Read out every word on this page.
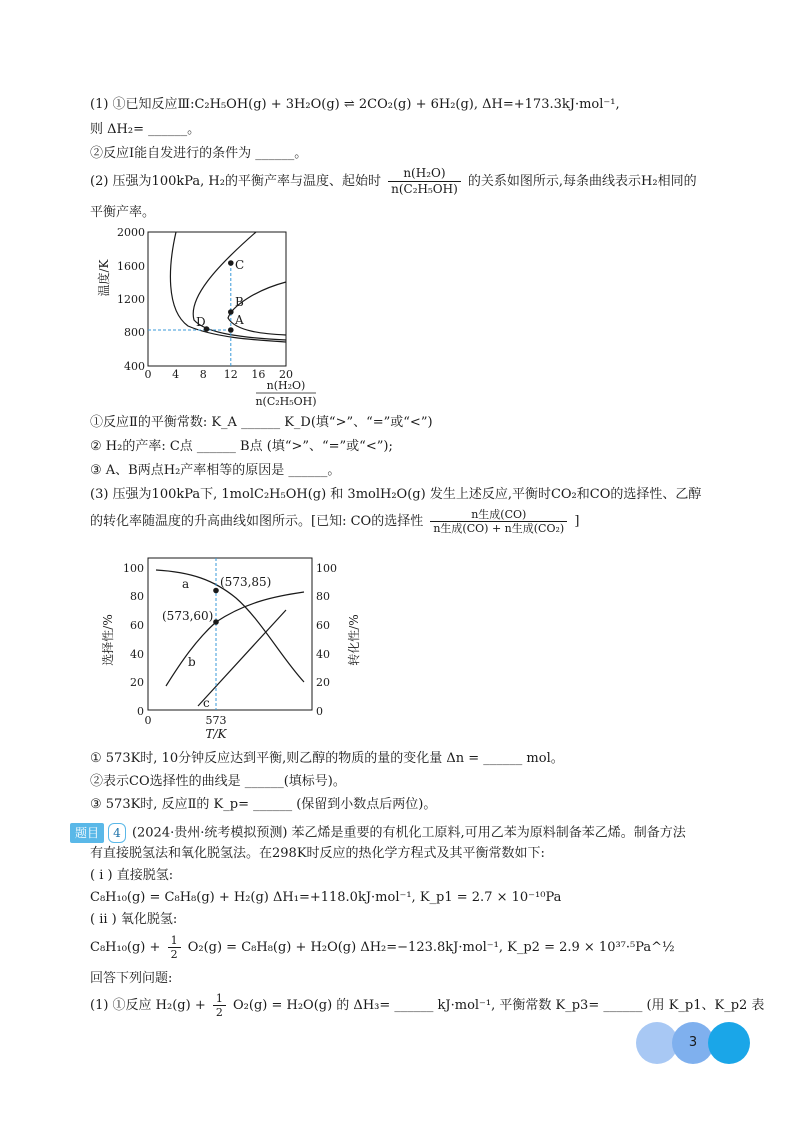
(1) ①已知反应Ⅲ:C₂H₅OH(g) + 3H₂O(g) ⇌ 2CO₂(g) + 6H₂(g), ΔH=+173.3kJ·mol⁻¹,
则 ΔH₂= ______。
②反应Ⅰ能自发进行的条件为 ______。
(2) 压强为100kPa, H₂的平衡产率与温度、起始时 $\frac{\text{n(H₂O)}}{\text{n(C₂H₅OH)}}$ 的关系如图所示,每条曲线表示H₂相同的
平衡产率。
温度/K
2000
1600
1200
800
400
0 4 8 12 16 20
A
B
C
D
n(H₂O)
n(C₂H₅OH)
①反应Ⅱ的平衡常数: K_A ______ K_D(填“>”、“=”或“<”)
② H₂的产率: C点 ______ B点 (填“>”、“=”或“<”);
③ A、B两点H₂产率相等的原因是 ______。
(3) 压强为100kPa下, 1molC₂H₅OH(g) 和 3molH₂O(g) 发生上述反应,平衡时CO₂和CO的选择性、乙醇
的转化率随温度的升高曲线如图所示。[已知: CO的选择性 $\frac{\text{n生成(CO)}}{\text{n生成(CO) + n生成(CO₂)}}$ ]
选择性/%	转化性/%
100
80
60
40
20
0
100
80
60
40
20
0
0	573
T/K
(573,85)
(573,60)
a
b
c
① 573K时, 10分钟反应达到平衡,则乙醇的物质的量的变化量 Δn = ______ mol。
②表示CO选择性的曲线是 ______(填标号)。
③ 573K时, 反应Ⅱ的 K_p= ______ (保留到小数点后两位)。
题目 4 (2024·贵州·统考模拟预测) 苯乙烯是重要的有机化工原料,可用乙苯为原料制备苯乙烯。制备方法
有直接脱氢法和氧化脱氢法。在298K时反应的热化学方程式及其平衡常数如下:
( i ) 直接脱氢:
C₈H₁₀(g) = C₈H₈(g) + H₂(g) ΔH₁=+118.0kJ·mol⁻¹, K_p1 = 2.7 × 10⁻¹⁰Pa
( ii ) 氧化脱氢:
$C_8H_{10}(g) + \frac{1}{2} O_2(g) = C_8H_8(g) + H_2O(g)$ ΔH₂=−123.8kJ·mol⁻¹, K_p2 = 2.9 × 10³⁷·⁵Pa^½
回答下列问题:
(1) ①反应 $H_2(g) + \frac{1}{2} O_2(g) = H_2O(g)$ 的 ΔH₃= ______ kJ·mol⁻¹, 平衡常数 K_p3= ______ (用 K_p1、K_p2 表
3
